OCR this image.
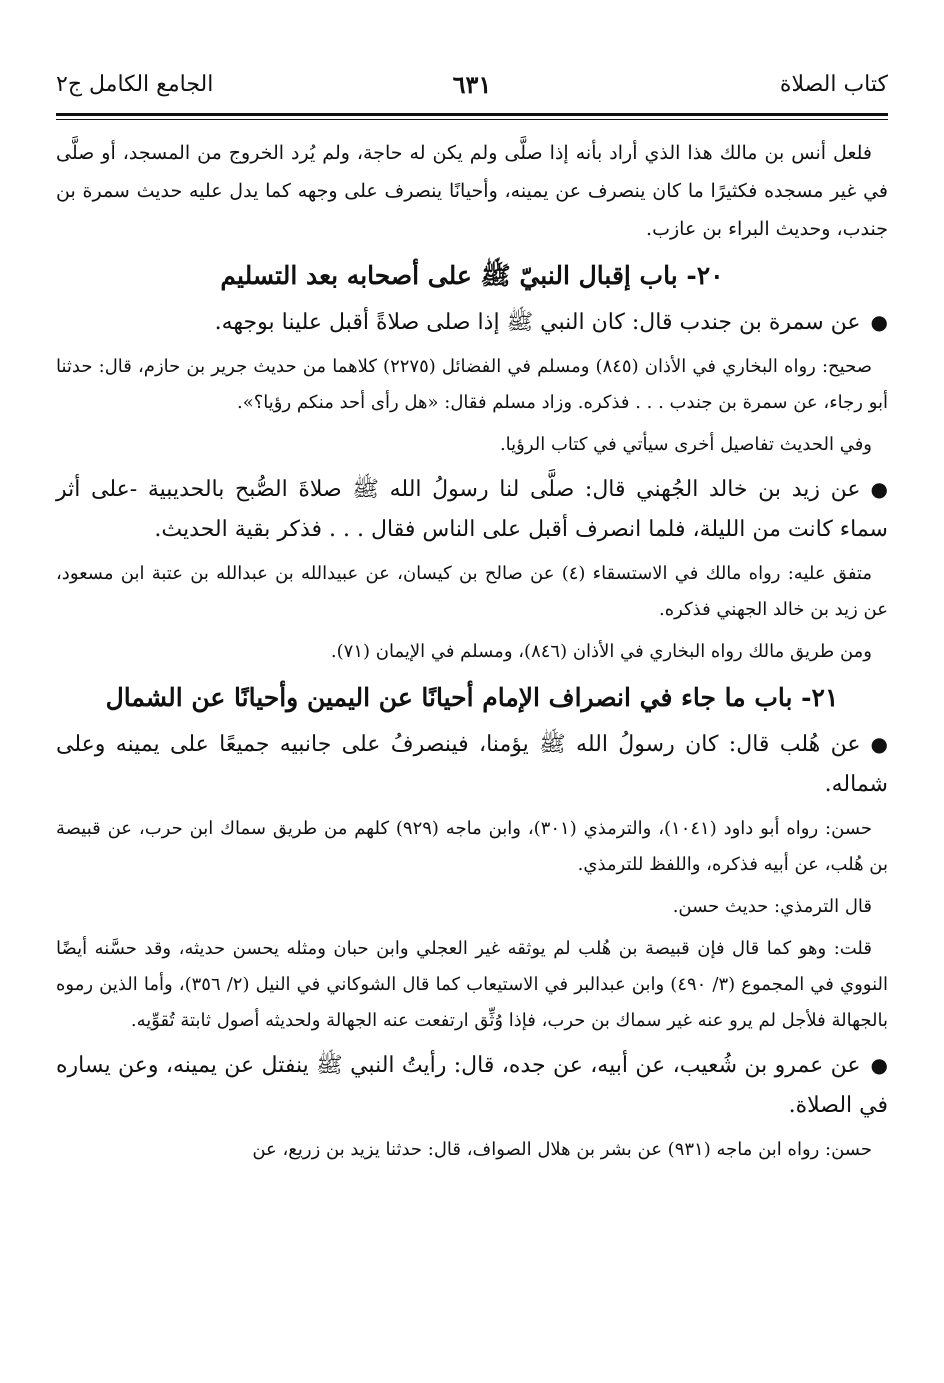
كتاب الصلاة
٦٣١
الجامع الكامل ج٢

فلعل أنس بن مالك هذا الذي أراد بأنه إذا صلَّى ولم يكن له حاجة، ولم يُرد الخروج من المسجد، أو صلَّى في غير مسجده فكثيرًا ما كان ينصرف عن يمينه، وأحيانًا ينصرف على وجهه كما يدل عليه حديث سمرة بن جندب، وحديث البراء بن عازب.

٢٠- باب إقبال النبيّ ﷺ على أصحابه بعد التسليم

●عن سمرة بن جندب قال: كان النبي ﷺ إذا صلى صلاةً أقبل علينا بوجهه.

صحيح: رواه البخاري في الأذان (٨٤٥) ومسلم في الفضائل (٢٢٧٥) كلاهما من حديث جرير بن حازم، قال: حدثنا أبو رجاء، عن سمرة بن جندب . . . فذكره. وزاد مسلم فقال: «هل رأى أحد منكم رؤيا؟».

وفي الحديث تفاصيل أخرى سيأتي في كتاب الرؤيا.

●عن زيد بن خالد الجُهني قال: صلَّى لنا رسولُ الله ﷺ صلاةَ الصُّبح بالحديبية -على أثر سماء كانت من الليلة، فلما انصرف أقبل على الناس فقال . . . فذكر بقية الحديث.

متفق عليه: رواه مالك في الاستسقاء (٤) عن صالح بن كيسان، عن عبيدالله بن عبدالله بن عتبة ابن مسعود، عن زيد بن خالد الجهني فذكره.

ومن طريق مالك رواه البخاري في الأذان (٨٤٦)، ومسلم في الإيمان (٧١).

٢١- باب ما جاء في انصراف الإمام أحيانًا عن اليمين وأحيانًا عن الشمال

●عن هُلب قال: كان رسولُ الله ﷺ يؤمنا، فينصرفُ على جانبيه جميعًا على يمينه وعلى شماله.

حسن: رواه أبو داود (١٠٤١)، والترمذي (٣٠١)، وابن ماجه (٩٢٩) كلهم من طريق سماك ابن حرب، عن قبيصة بن هُلب، عن أبيه فذكره، واللفظ للترمذي.

قال الترمذي: حديث حسن.

قلت: وهو كما قال فإن قبيصة بن هُلب لم يوثقه غير العجلي وابن حبان ومثله يحسن حديثه، وقد حسَّنه أيضًا النووي في المجموع (٣/ ٤٩٠) وابن عبدالبر في الاستيعاب كما قال الشوكاني في النيل (٢/ ٣٥٦)، وأما الذين رموه بالجهالة فلأجل لم يرو عنه غير سماك بن حرب، فإذا وُثِّق ارتفعت عنه الجهالة ولحديثه أصول ثابتة تُقوِّيه.

●عن عمرو بن شُعيب، عن أبيه، عن جده، قال: رأيتُ النبي ﷺ ينفتل عن يمينه، وعن يساره في الصلاة.

حسن: رواه ابن ماجه (٩٣١) عن بشر بن هلال الصواف، قال: حدثنا يزيد بن زريع، عن
